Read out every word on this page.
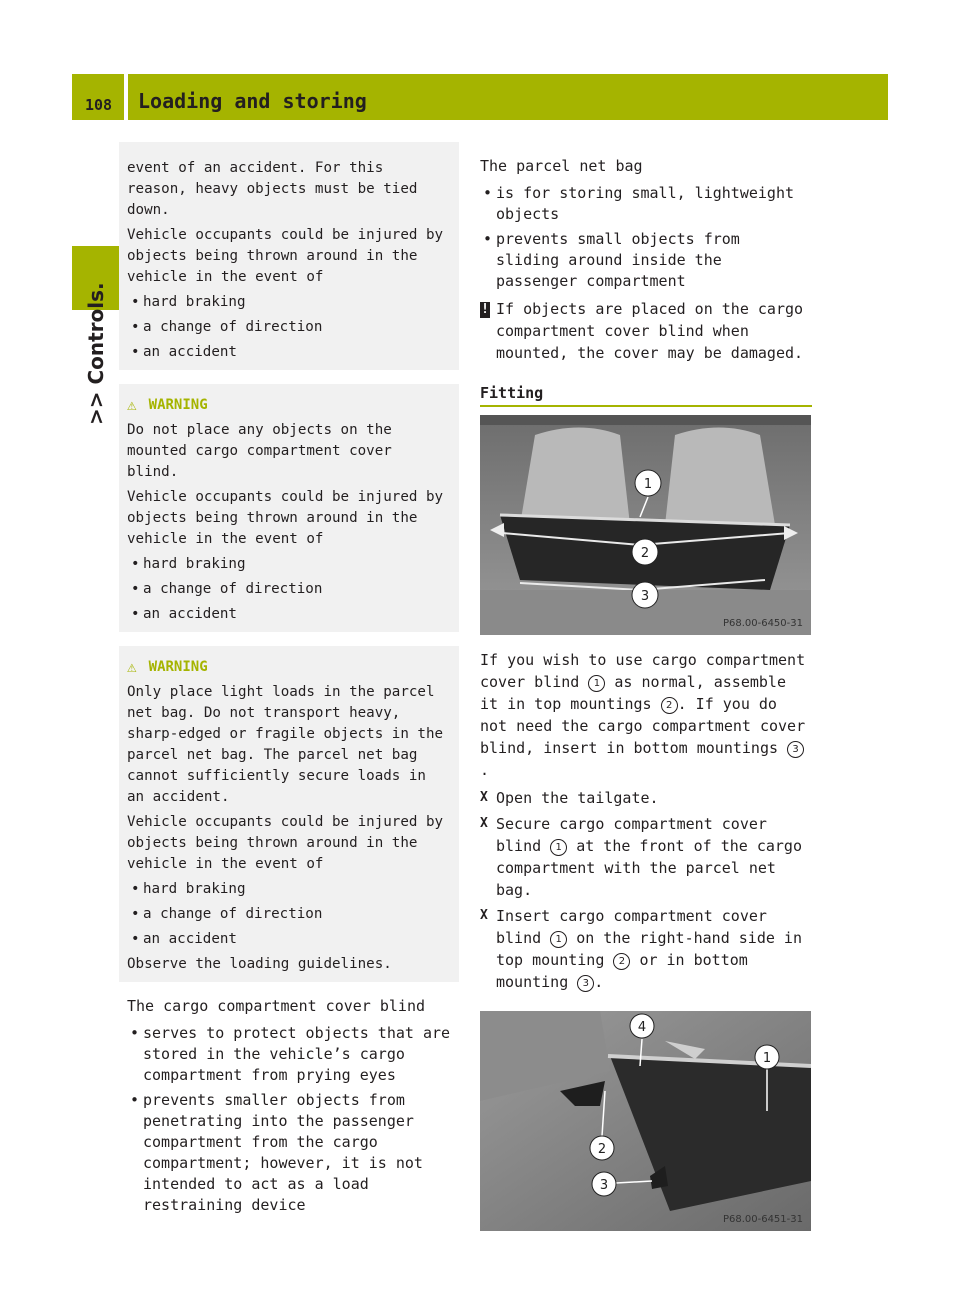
108 Loading and storing
>> Controls.

event of an accident. For this reason, heavy objects must be tied down.

Vehicle occupants could be injured by objects being thrown around in the vehicle in the event of

• hard braking
• a change of direction
• an accident
⚠ WARNING

Do not place any objects on the mounted cargo compartment cover blind.

Vehicle occupants could be injured by objects being thrown around in the vehicle in the event of

• hard braking
• a change of direction
• an accident
⚠ WARNING

Only place light loads in the parcel net bag. Do not transport heavy, sharp-edged or fragile objects in the parcel net bag. The parcel net bag cannot sufficiently secure loads in an accident.

Vehicle occupants could be injured by objects being thrown around in the vehicle in the event of

• hard braking
• a change of direction
• an accident

Observe the loading guidelines.

The cargo compartment cover blind

• serves to protect objects that are stored in the vehicle’s cargo compartment from prying eyes
• prevents smaller objects from penetrating into the passenger compartment from the cargo compartment; however, it is not intended to act as a load restraining device

The parcel net bag

• is for storing small, lightweight objects
• prevents small objects from sliding around inside the passenger compartment
! If objects are placed on the cargo compartment cover blind when mounted, the cover may be damaged.
Fitting
1
2
3
P68.00-6450-31

If you wish to use cargo compartment cover blind 1 as normal, assemble it in top mountings 2 . If you do not need the cargo compartment cover blind, insert in bottom mountings 3.

X Open the tailgate.
X Secure cargo compartment cover blind 1 at the front of the cargo compartment with the parcel net bag.
X Insert cargo compartment cover blind 1 on the right-hand side in top mounting 2 or in bottom mounting 3 .
4
1
2
3
P68.00-6451-31
